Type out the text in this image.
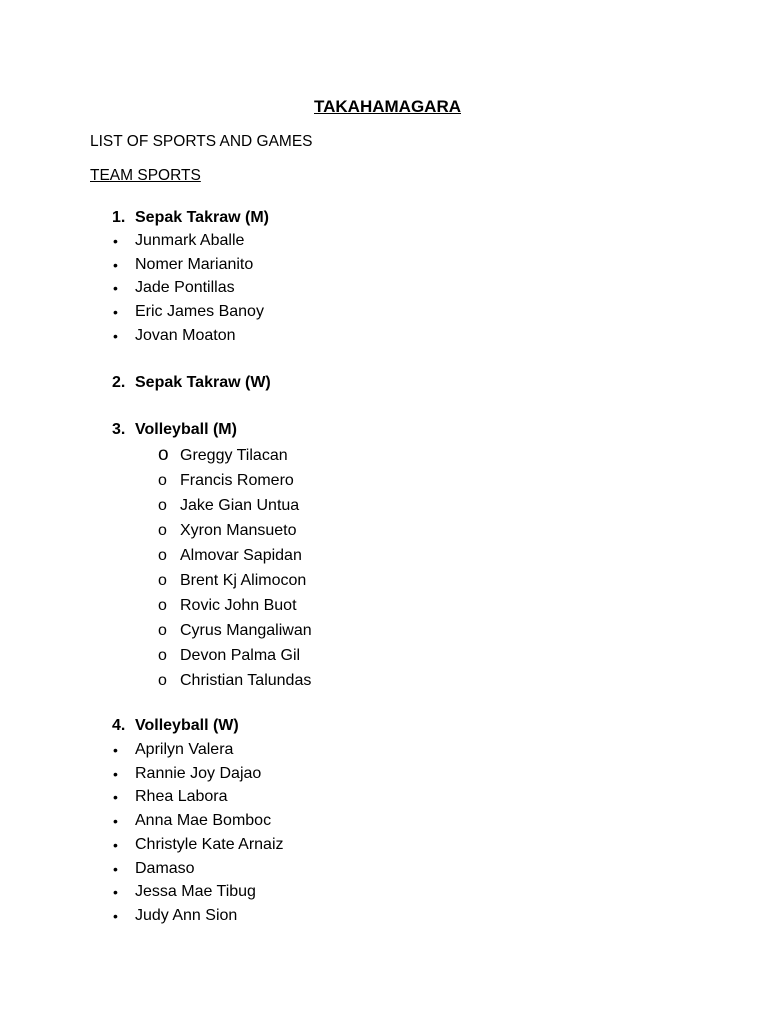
TAKAHAMAGARA
LIST OF SPORTS AND GAMES
TEAM SPORTS
1. Sepak Takraw (M)
• Junmark Aballe
• Nomer Marianito
• Jade Pontillas
• Eric James Banoy
• Jovan Moaton
2. Sepak Takraw (W)
3. Volleyball (M)
o Greggy Tilacan
o Francis Romero
o Jake Gian Untua
o Xyron Mansueto
o Almovar Sapidan
o Brent Kj Alimocon
o Rovic John Buot
o Cyrus Mangaliwan
o Devon Palma Gil
o Christian Talundas
4. Volleyball (W)
• Aprilyn Valera
• Rannie Joy Dajao
• Rhea Labora
• Anna Mae Bomboc
• Christyle Kate Arnaiz
• Damaso
• Jessa Mae Tibug
• Judy Ann Sion
